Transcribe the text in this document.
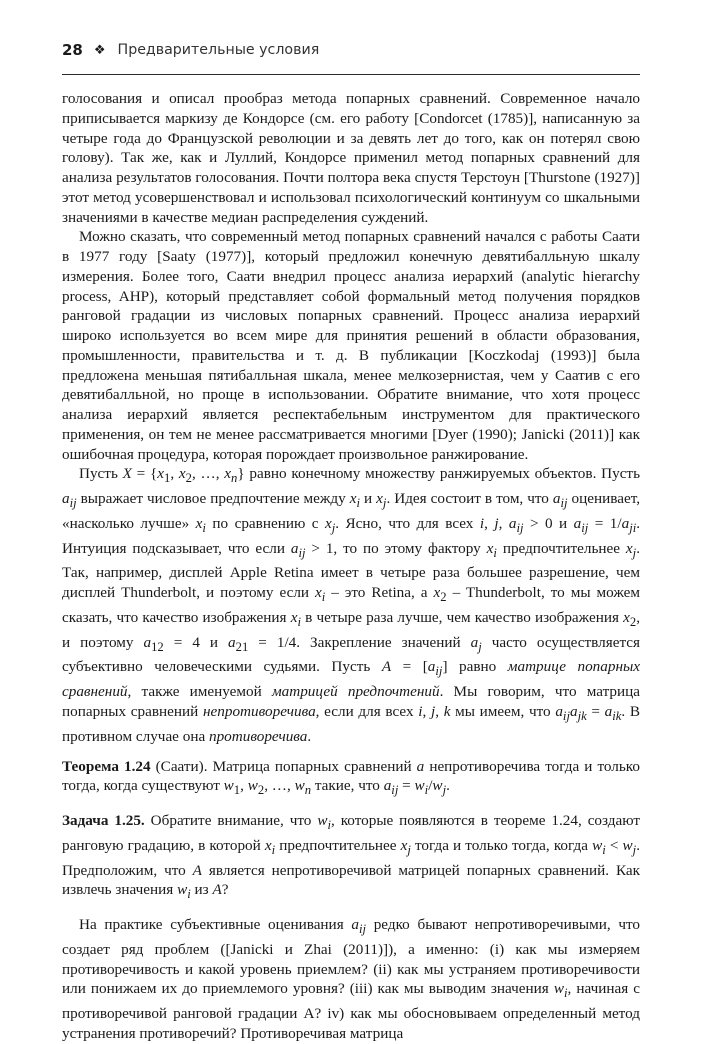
28 ❖ Предварительные условия

голосования и описал прообраз метода попарных сравнений. Современное начало приписывается маркизу де Кондорсе (см. его работу [Condorcet (1785)], написанную за четыре года до Французской революции и за девять лет до того, как он потерял свою голову). Так же, как и Луллий, Кондорсе применил метод попарных сравнений для анализа результатов голосования. Почти полтора века спустя Терстоун [Thurstone (1927)] этот метод усовершенствовал и использовал психологический континуум со шкальными значениями в качестве медиан распределения суждений.

Можно сказать, что современный метод попарных сравнений начался с работы Саати в 1977 году [Saaty (1977)], который предложил конечную девятибалльную шкалу измерения. Более того, Саати внедрил процесс анализа иерархий (analytic hierarchy process, AHP), который представляет собой формальный метод получения порядков ранговой градации из числовых попарных сравнений. Процесс анализа иерархий широко используется во всем мире для принятия решений в области образования, промышленности, правительства и т. д. В публикации [Koczkodaj (1993)] была предложена меньшая пятибалльная шкала, менее мелкозернистая, чем у Саатив с его девятибалльной, но проще в использовании. Обратите внимание, что хотя процесс анализа иерархий является респектабельным инструментом для практического применения, он тем не менее рассматривается многими [Dyer (1990); Janicki (2011)] как ошибочная процедура, которая порождает произвольное ранжирование.

Пусть $X = \{x_1$, $x_2$, …, $x_n$} равно конечному множеству ранжируемых объектов. Пусть $a_{ij}$ выражает числовое предпочтение между $x_i$ и $x_j$. Идея состоит в том, что $a_{ij}$ оценивает, «насколько лучше» $x_i$ по сравнению с $x_j$. Ясно, что для всех i, j, $a_{ij} > 0$ и $a_{ij} = 1/a_{ji}$. Интуиция подсказывает, что если $a_{ij} > 1$, то по этому фактору $x_i$ предпочтительнее $x_j$. Так, например, дисплей Apple Retina имеет в четыре раза большее разрешение, чем дисплей Thunderbolt, и поэтому если $x_i$ – это Retina, а $x_2$ – Thunderbolt, то мы можем сказать, что качество изображения $x_i$ в четыре раза лучше, чем качество изображения $x_2$, и поэтому $a_{12} = 4$ и $a_{21} = 1/4$. Закрепление значений $a_j$ часто осуществляется субъективно человеческими судьями. Пусть $A = [a_{ij}]$ равно матрице попарных сравнений, также именуемой матрицей предпочтений. Мы говорим, что матрица попарных сравнений непротиворечива, если для всех i, j, k мы имеем, что $a_{ij}a_{jk} = a_{ik}$. В противном случае она противоречива.

Теорема 1.24 (Саати). Матрица попарных сравнений a непротиворечива тогда и только тогда, когда существуют $w_1$, $w_2$, …, $w_n$ такие, что $a_{ij} = w_i/w_j$.

Задача 1.25. Обратите внимание, что $w_i$, которые появляются в теореме 1.24, создают ранговую градацию, в которой $x_i$ предпочтительнее $x_j$ тогда и только тогда, когда $w_i < w_j$. Предположим, что A является непротиворечивой матрицей попарных сравнений. Как извлечь значения $w_i$ из A?

На практике субъективные оценивания $a_{ij}$ редко бывают непротиворечивыми, что создает ряд проблем ([Janicki и Zhai (2011)]), а именно: (i) как мы измеряем противоречивость и какой уровень приемлем? (ii) как мы устраняем противоречивости или понижаем их до приемлемого уровня? (iii) как мы выводим значения $w_i$, начиная с противоречивой ранговой градации A? iv) как мы обосновываем определенный метод устранения противоречий? Противоречивая матрица
